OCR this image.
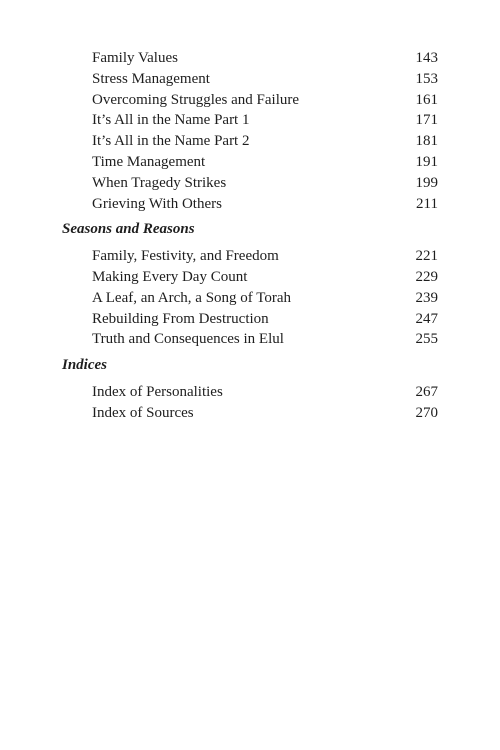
Family Values	143
Stress Management	153
Overcoming Struggles and Failure	161
It’s All in the Name Part 1	171
It’s All in the Name Part 2	181
Time Management	191
When Tragedy Strikes	199
Grieving With Others	211
Seasons and Reasons
Family, Festivity, and Freedom	221
Making Every Day Count	229
A Leaf, an Arch, a Song of Torah	239
Rebuilding From Destruction	247
Truth and Consequences in Elul	255
Indices
Index of Personalities	267
Index of Sources	270
